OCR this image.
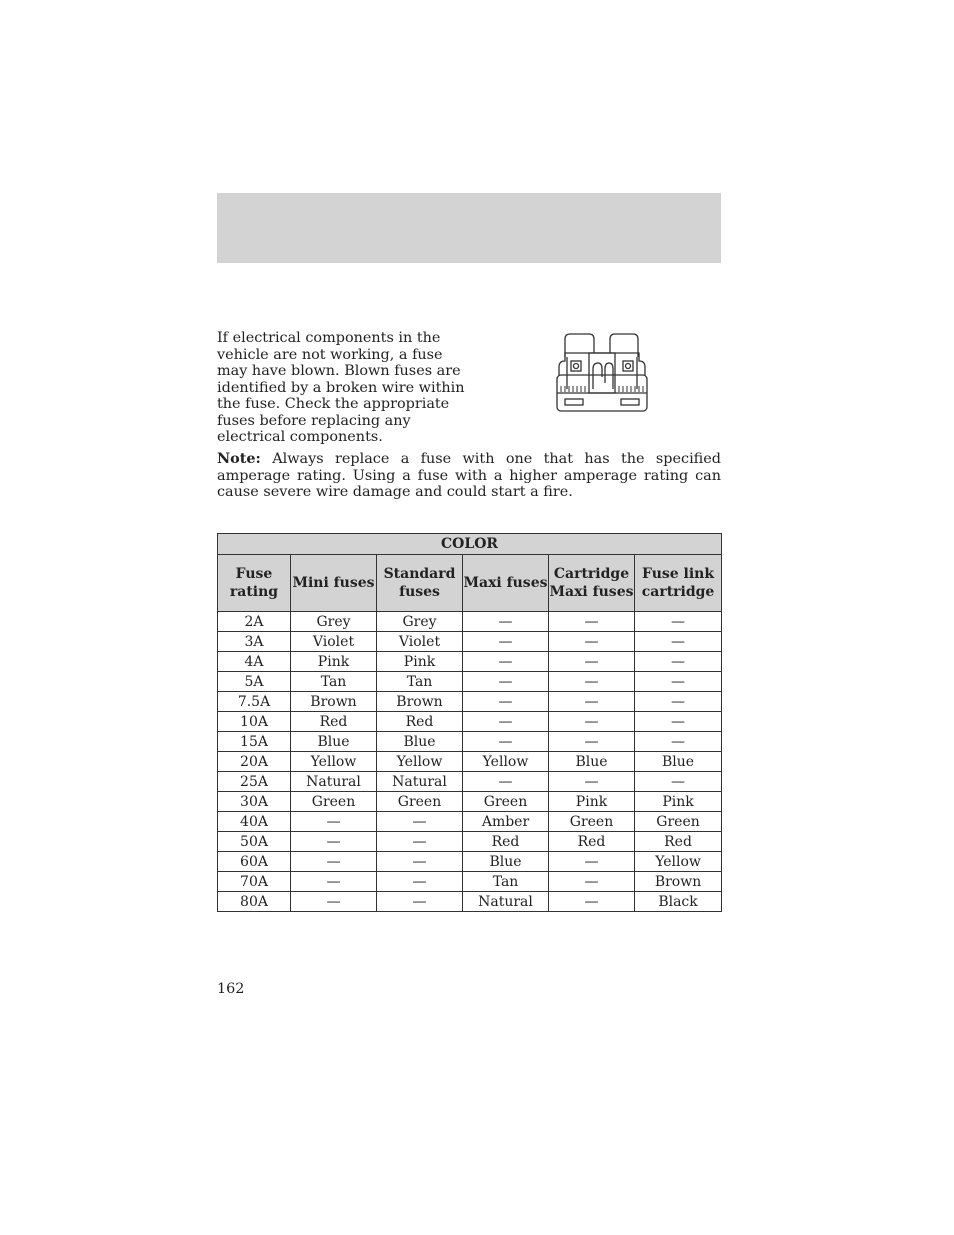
If electrical components in the vehicle are not working, a fuse may have blown. Blown fuses are identified by a broken wire within the fuse. Check the appropriate fuses before replacing any electrical components.
Note: Always replace a fuse with one that has the specified amperage rating. Using a fuse with a higher amperage rating can cause severe wire damage and could start a fire.
COLOR					
Fuse rating	Mini fuses	Standard fuses	Maxi fuses	Cartridge Maxi fuses	Fuse link cartridge
2A	Grey	Grey	—	—	—
3A	Violet	Violet	—	—	—
4A	Pink	Pink	—	—	—
5A	Tan	Tan	—	—	—
7.5A	Brown	Brown	—	—	—
10A	Red	Red	—	—	—
15A	Blue	Blue	—	—	—
20A	Yellow	Yellow	Yellow	Blue	Blue
25A	Natural	Natural	—	—	—
30A	Green	Green	Green	Pink	Pink
40A	—	—	Amber	Green	Green
50A	—	—	Red	Red	Red
60A	—	—	Blue	—	Yellow
70A	—	—	Tan	—	Brown
80A	—	—	Natural	—	Black
162
